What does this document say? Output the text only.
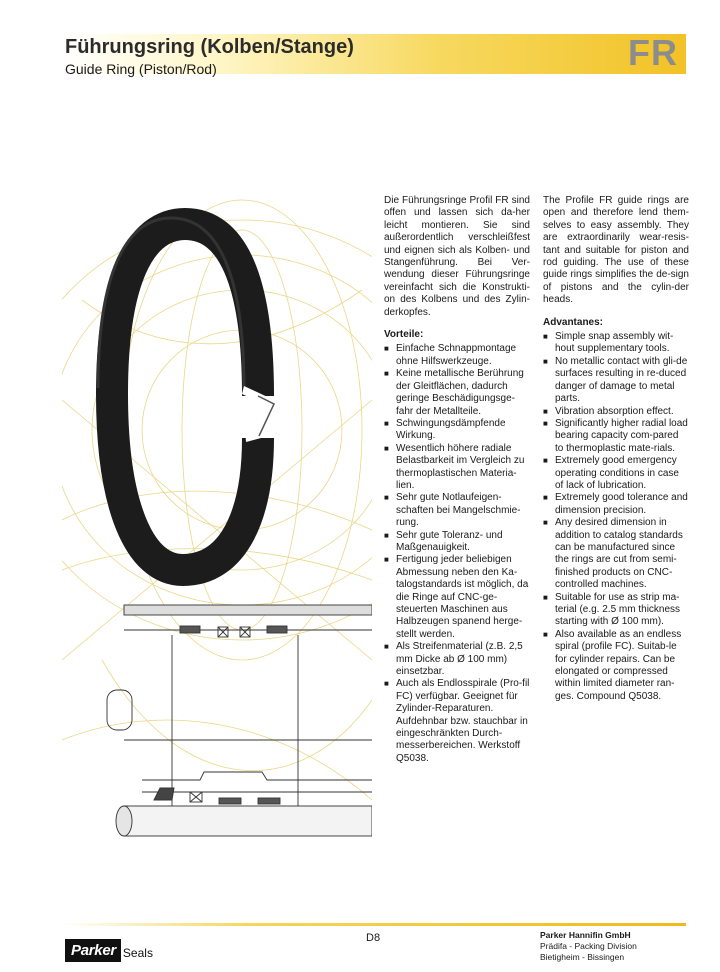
Führungsring (Kolben/Stange)
Guide Ring (Piston/Rod)	FR

Die Führungsringe Profil FR sind offen und lassen sich da-her leicht montieren. Sie sind außerordentlich verschleißfest und eignen sich als Kolben- und Stangenführung. Bei Ver-wendung dieser Führungsringe vereinfacht sich die Konstrukti-on des Kolbens und des Zylin-derkopfes.

Vorteile:
■ Einfache Schnappmontage ohne Hilfswerkzeuge.
■ Keine metallische Berührung der Gleitflächen, dadurch geringe Beschädigungsge-fahr der Metallteile.
■ Schwingungsdämpfende Wirkung.
■ Wesentlich höhere radiale Belastbarkeit im Vergleich zu thermoplastischen Materia-lien.
■ Sehr gute Notlaufeigen-schaften bei Mangelschmie-rung.
■ Sehr gute Toleranz- und Maßgenauigkeit.
■ Fertigung jeder beliebigen Abmessung neben den Ka-talogstandards ist möglich, da die Ringe auf CNC-ge-steuerten Maschinen aus Halbzeugen spanend herge-stellt werden.
■ Als Streifenmaterial (z.B. 2,5 mm Dicke ab Ø 100 mm) einsetzbar.
■ Auch als Endlosspirale (Pro-fil FC) verfügbar. Geeignet für Zylinder-Reparaturen. Aufdehnbar bzw. stauchbar in eingeschränkten Durch-messerbereichen. Werkstoff Q5038.

The Profile FR guide rings are open and therefore lend them-selves to easy assembly. They are extraordinarily wear-resis-tant and suitable for piston and rod guiding. The use of these guide rings simplifies the de-sign of pistons and the cylin-der heads.

Advantanes:
■ Simple snap assembly wit-hout supplementary tools.
■ No metallic contact with gli-de surfaces resulting in re-duced danger of damage to metal parts.
■ Vibration absorption effect.
■ Significantly higher radial load bearing capacity com-pared to thermoplastic mate-rials.
■ Extremely good emergency operating conditions in case of lack of lubrication.
■ Extremely good tolerance and dimension precision.
■ Any desired dimension in addition to catalog standards can be manufactured since the rings are cut from semi-finished products on CNC-controlled machines.
■ Suitable for use as strip ma-terial (e.g. 2.5 mm thickness starting with Ø 100 mm).
■ Also available as an endless spiral (profile FC). Suitab-le for cylinder repairs. Can be elongated or compressed within limited diameter ran-ges. Compound Q5038.
Parker Seals
D8	Parker Hannifin GmbH
Prädifa - Packing Division
Bietigheim - Bissingen
